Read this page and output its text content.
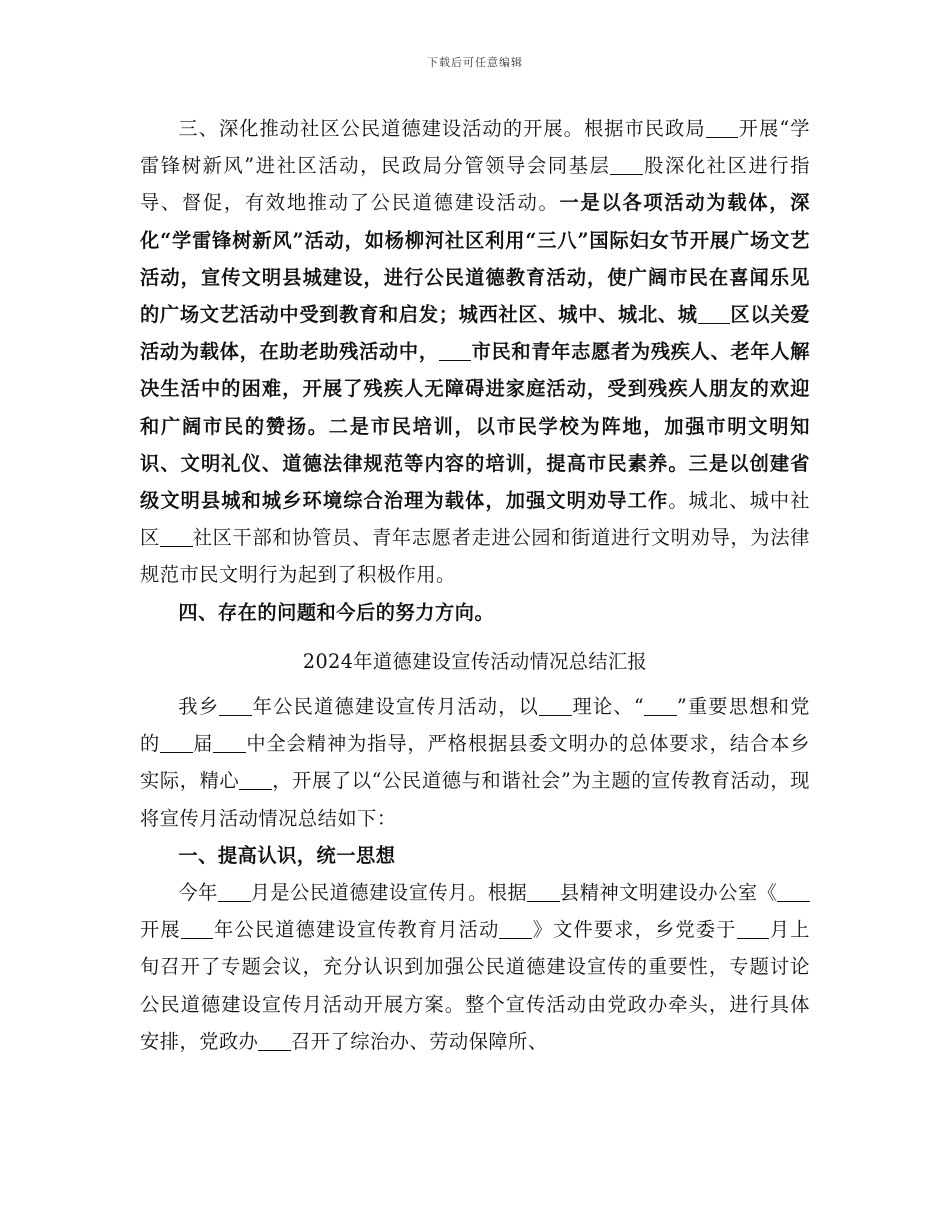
下载后可任意编辑

三、深化推动社区公民道德建设活动的开展。根据市民政局 开展“学雷锋树新风”进社区活动，民政局分管领导会同基层 股深化社区进行指导、督促，有效地推动了公民道德建设活动。一是以各项活动为载体，深化“学雷锋树新风”活动，如杨柳河社区利用“三八”国际妇女节开展广场文艺活动，宣传文明县城建设，进行公民道德教育活动，使广阔市民在喜闻乐见的广场文艺活动中受到教育和启发；城西社区、城中、城北、城 区以关爱活动为载体，在助老助残活动中， 市民和青年志愿者为残疾人、老年人解决生活中的困难，开展了残疾人无障碍进家庭活动，受到残疾人朋友的欢迎和广阔市民的赞扬。二是市民培训，以市民学校为阵地，加强市明文明知识、文明礼仪、道德法律规范等内容的培训，提高市民素养。三是以创建省级文明县城和城乡环境综合治理为载体，加强文明劝导工作。城北、城中社区 社区干部和协管员、青年志愿者走进公园和街道进行文明劝导，为法律规范市民文明行为起到了积极作用。

四、存在的问题和今后的努力方向。

2024年道德建设宣传活动情况总结汇报

我乡 年公民道德建设宣传月活动，以 理论、“ ”重要思想和党的 届 中全会精神为指导，严格根据县委文明办的总体要求，结合本乡实际，精心 ，开展了以“公民道德与和谐社会”为主题的宣传教育活动，现将宣传月活动情况总结如下：

一、提高认识，统一思想

今年 月是公民道德建设宣传月。根据 县精神文明建设办公室《开展 年公民道德建设宣传教育月活动 》文件要求，乡党委于 月上旬召开了专题会议，充分认识到加强公民道德建设宣传的重要性，专题讨论公民道德建设宣传月活动开展方案。整个宣传活动由党政办牵头，进行具体安排，党政办 召开了综治办、劳动保障所、
